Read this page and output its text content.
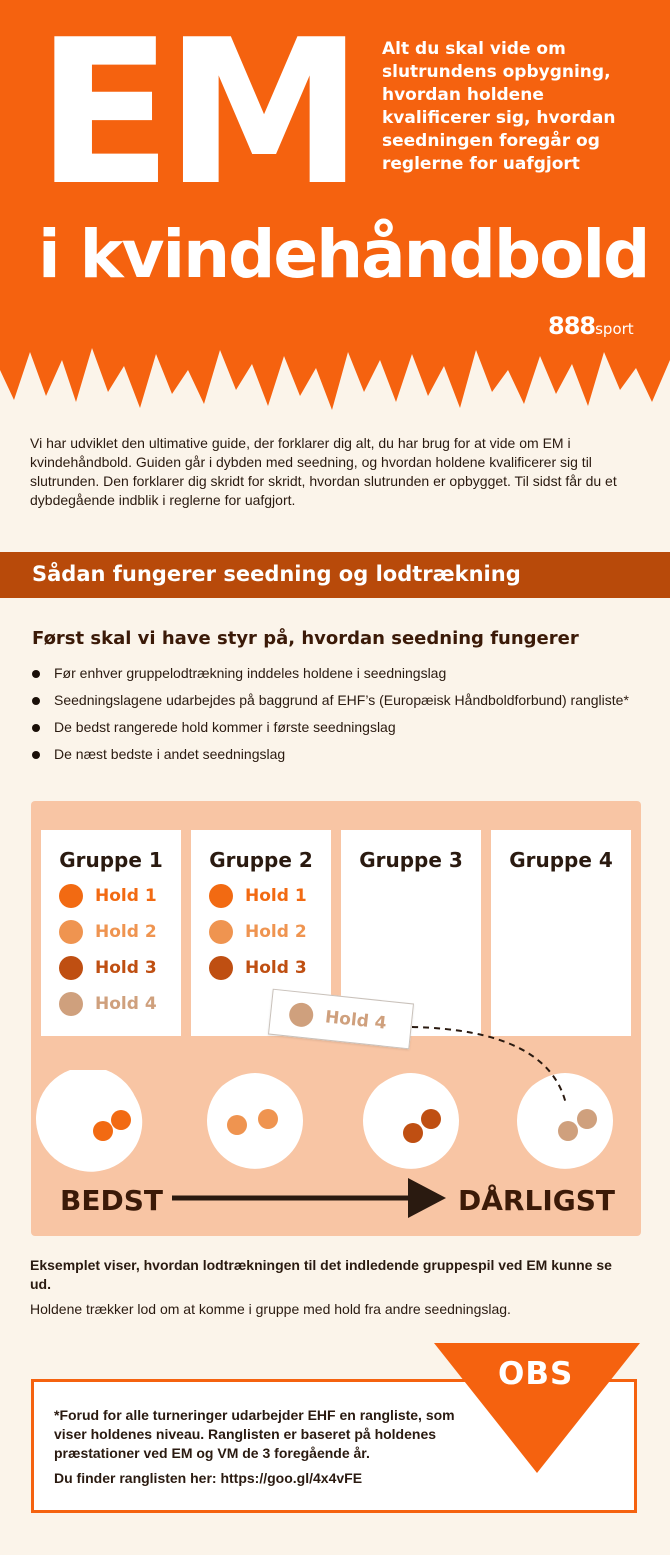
EM
i kvindehåndbold
Alt du skal vide om slutrundens opbygning, hvordan holdene kvalificerer sig, hvordan seedningen foregår og reglerne for uafgjort
888sport

Vi har udviklet den ultimative guide, der forklarer dig alt, du har brug for at vide om EM i kvindehåndbold. Guiden går i dybden med seedning, og hvordan holdene kvalificerer sig til slutrunden. Den forklarer dig skridt for skridt, hvordan slutrunden er opbygget. Til sidst får du et dybdegående indblik i reglerne for uafgjort.

Sådan fungerer seedning og lodtrækning
Først skal vi have styr på, hvordan seedning fungerer
Før enhver gruppelodtrækning inddeles holdene i seedningslag
Seedningslagene udarbejdes på baggrund af EHF’s (Europæisk Håndboldforbund) rangliste*
De bedst rangerede hold kommer i første seedningslag
De næst bedste i andet seedningslag
Gruppe 1
Hold 1
Hold 2
Hold 3
Hold 4
Gruppe 2
Hold 1
Hold 2
Hold 3
Gruppe 3	Gruppe 4
Hold 4
BEDST	DÅRLIGST
Eksemplet viser, hvordan lodtrækningen til det indledende gruppespil ved EM kunne se ud.
Holdene trækker lod om at komme i gruppe med hold fra andre seedningslag.
OBS
*Forud for alle turneringer udarbejder EHF en rangliste, som viser holdenes niveau. Ranglisten er baseret på holdenes præstationer ved EM og VM de 3 foregående år.
Du finder ranglisten her: https://goo.gl/4x4vFE
